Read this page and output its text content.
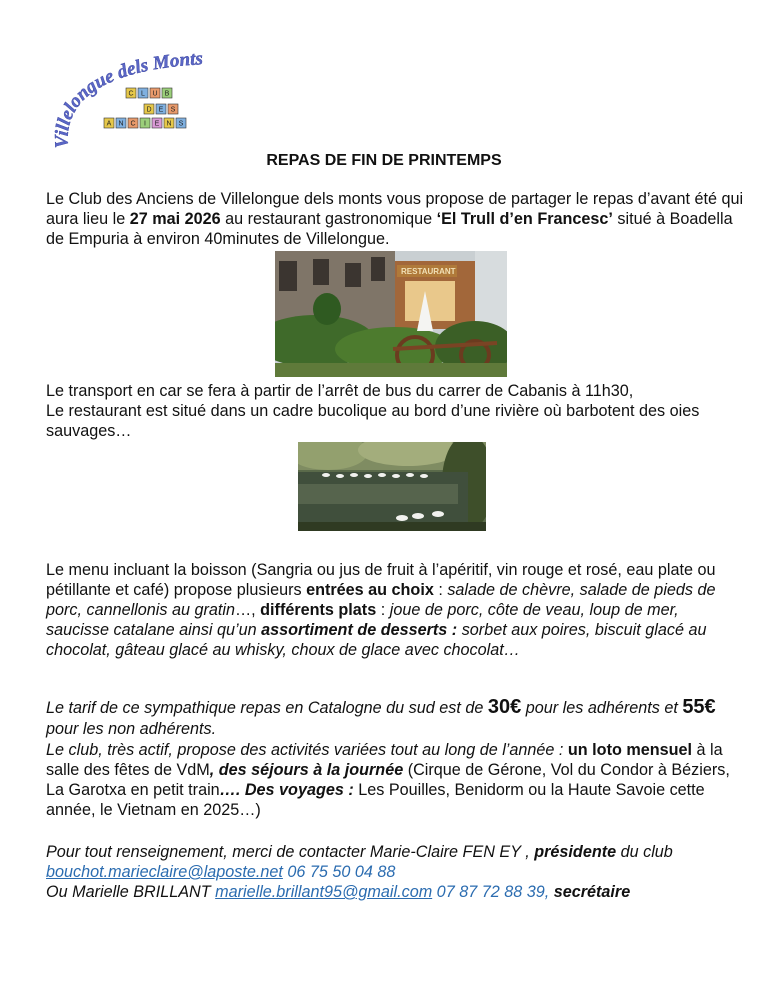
Villelongue dels Monts
C L U B
D E S
A N C I E N S
REPAS DE FIN DE PRINTEMPS
Le Club des Anciens de Villelongue dels monts vous propose de partager le repas d’avant été qui aura lieu le 27 mai 2026 au restaurant gastronomique ‘El Trull d’en Francesc’ situé à Boadella de Empuria à environ 40minutes de Villelongue.
RESTAURANT
Le transport en car se fera à partir de l’arrêt de bus du carrer de Cabanis à 11h30,
Le restaurant est situé dans un cadre bucolique au bord d’une rivière où barbotent des oies sauvages…
Le menu incluant la boisson (Sangria ou jus de fruit à l’apéritif, vin rouge et rosé, eau plate ou pétillante et café) propose plusieurs entrées au choix : salade de chèvre, salade de pieds de porc, cannellonis au gratin…, différents plats : joue de porc, côte de veau, loup de mer, saucisse catalane ainsi qu’un assortiment de desserts : sorbet aux poires, biscuit glacé au chocolat, gâteau glacé au whisky, choux de glace avec chocolat…
Le tarif de ce sympathique repas en Catalogne du sud est de 30€ pour les adhérents et 55€ pour les non adhérents.
Le club, très actif, propose des activités variées tout au long de l’année : un loto mensuel à la salle des fêtes de VdM, des séjours à la journée (Cirque de Gérone, Vol du Condor à Béziers, La Garotxa en petit train…. Des voyages : Les Pouilles, Benidorm ou la Haute Savoie cette année, le Vietnam en 2025…)
Pour tout renseignement, merci de contacter Marie-Claire FEN EY , présidente du club
bouchot.marieclaire@laposte.net 06 75 50 04 88
Ou Marielle BRILLANT marielle.brillant95@gmail.com 07 87 72 88 39, secrétaire
